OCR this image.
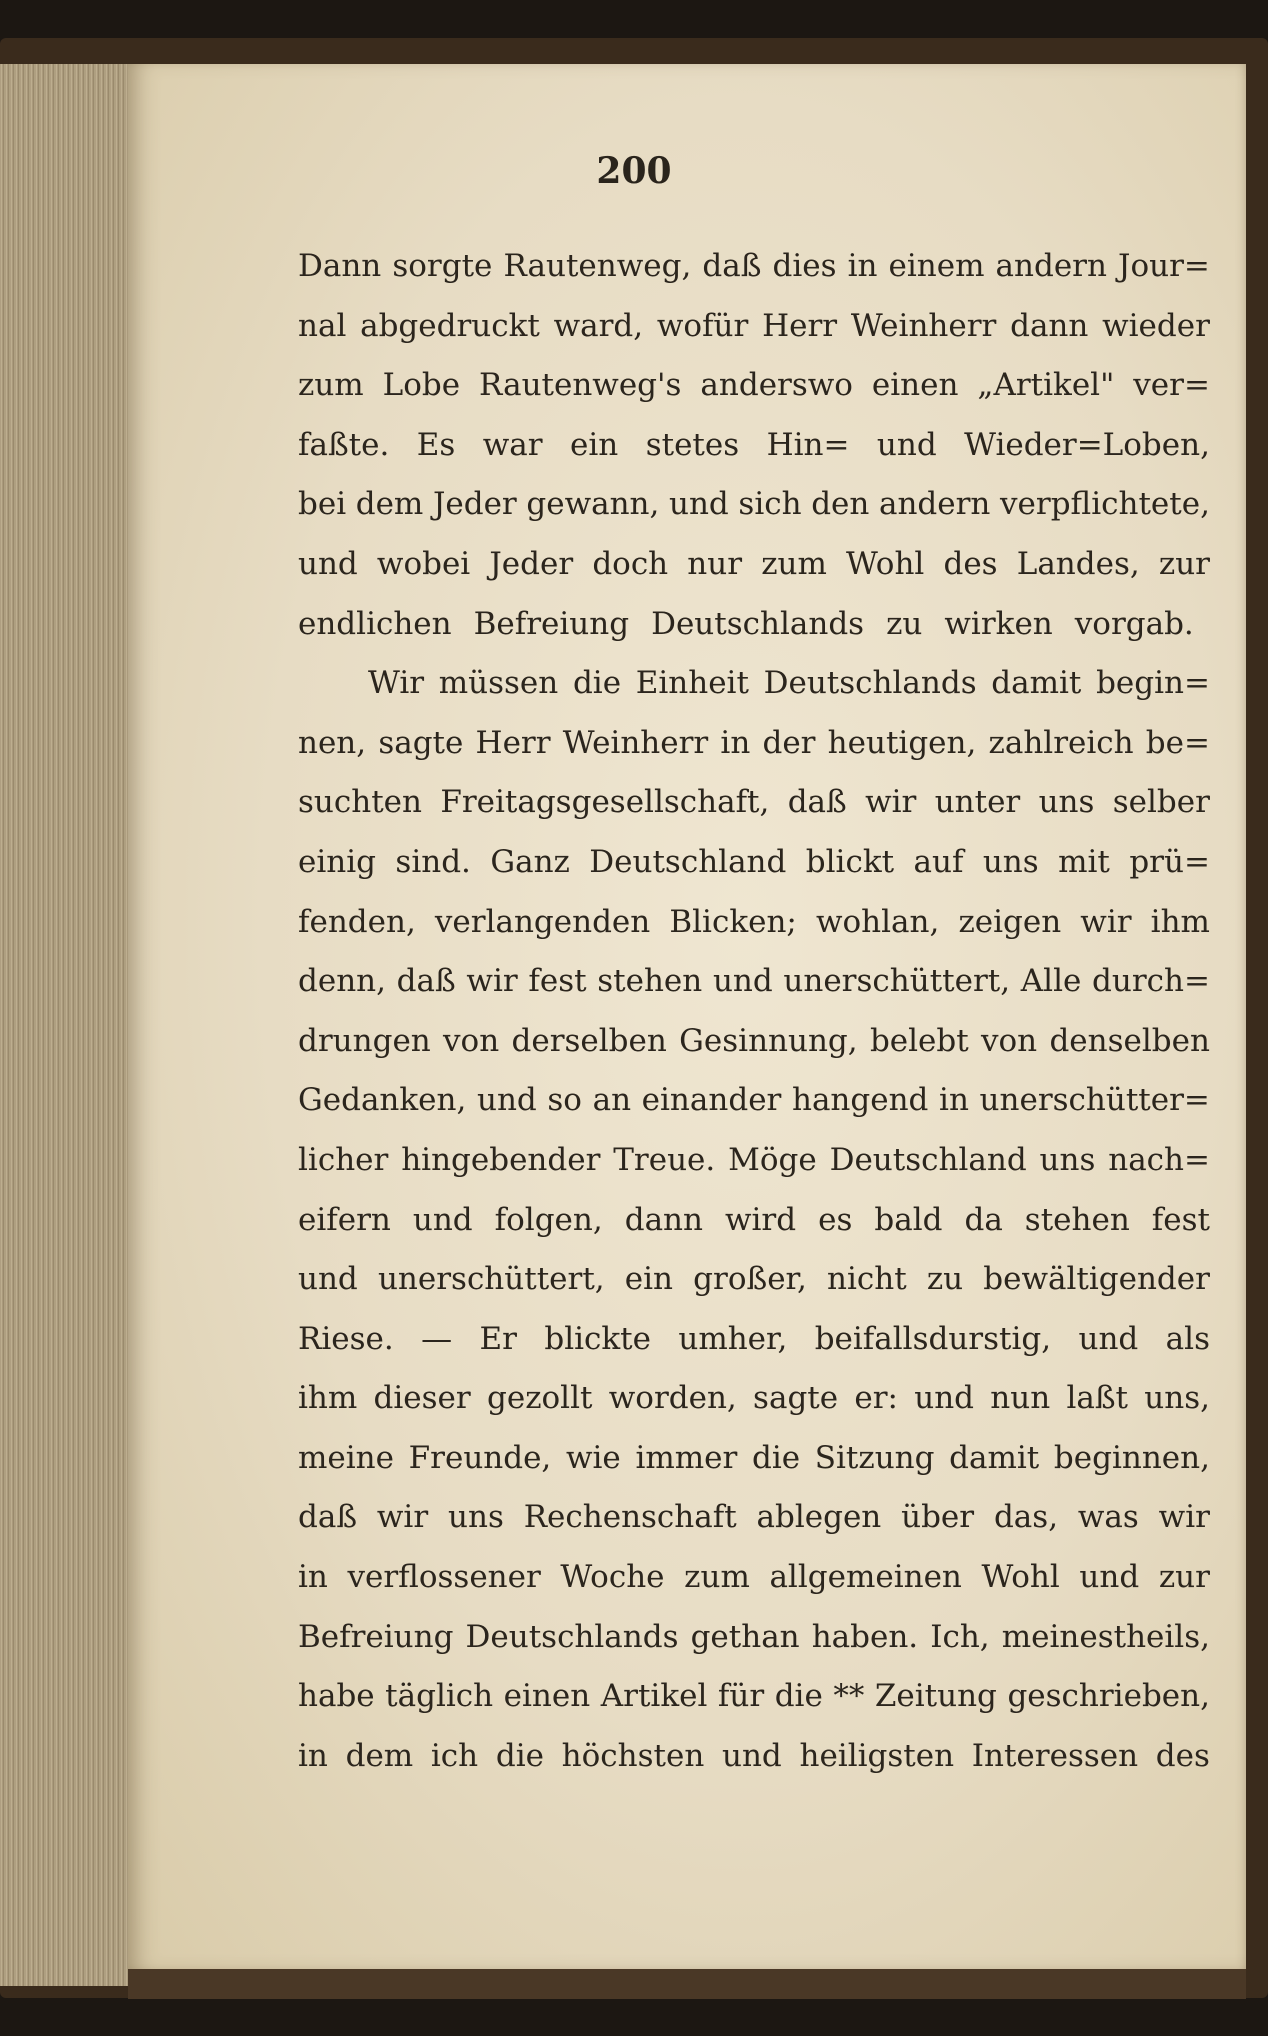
200
Dann sorgte Rautenweg, daß dies in einem andern Jour=
nal abgedruckt ward, wofür Herr Weinherr dann wieder
zum Lobe Rautenweg's anderswo einen „Artikel" ver=
faßte. Es war ein stetes Hin= und Wieder=Loben,
bei dem Jeder gewann, und sich den andern verpflichtete,
und wobei Jeder doch nur zum Wohl des Landes, zur
endlichen Befreiung Deutschlands zu wirken vorgab.
Wir müssen die Einheit Deutschlands damit begin=
nen, sagte Herr Weinherr in der heutigen, zahlreich be=
suchten Freitagsgesellschaft, daß wir unter uns selber
einig sind. Ganz Deutschland blickt auf uns mit prü=
fenden, verlangenden Blicken; wohlan, zeigen wir ihm
denn, daß wir fest stehen und unerschüttert, Alle durch=
drungen von derselben Gesinnung, belebt von denselben
Gedanken, und so an einander hangend in unerschütter=
licher hingebender Treue. Möge Deutschland uns nach=
eifern und folgen, dann wird es bald da stehen fest
und unerschüttert, ein großer, nicht zu bewältigender
Riese. — Er blickte umher, beifallsdurstig, und als
ihm dieser gezollt worden, sagte er: und nun laßt uns,
meine Freunde, wie immer die Sitzung damit beginnen,
daß wir uns Rechenschaft ablegen über das, was wir
in verflossener Woche zum allgemeinen Wohl und zur
Befreiung Deutschlands gethan haben. Ich, meinestheils,
habe täglich einen Artikel für die ** Zeitung geschrieben,
in dem ich die höchsten und heiligsten Interessen des
